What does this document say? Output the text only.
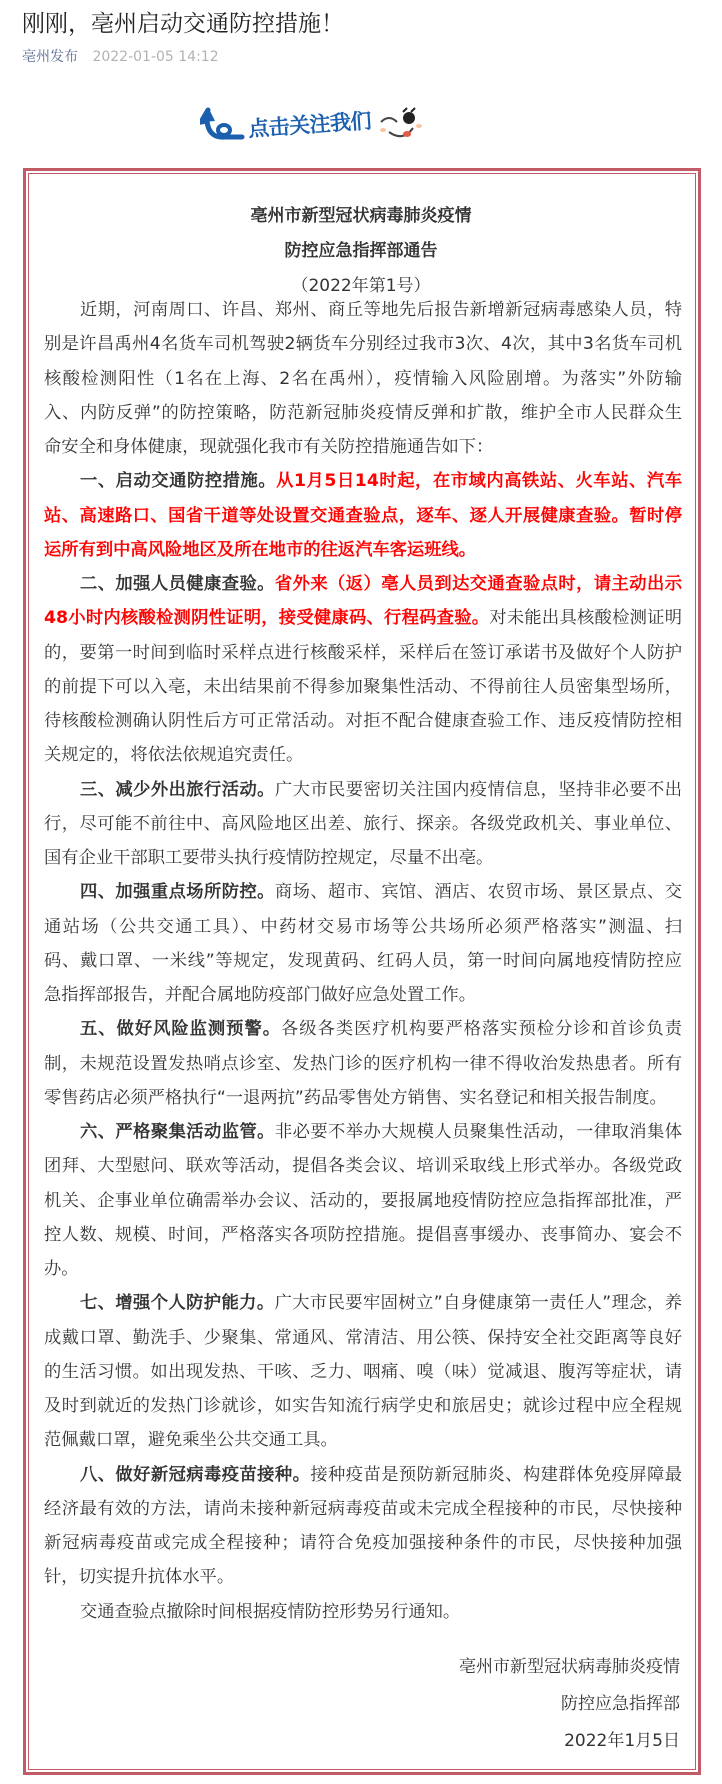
刚刚，亳州启动交通防控措施！
亳州发布 2022-01-05 14:12
点击关注我们
亳州市新型冠状病毒肺炎疫情
防控应急指挥部通告
（2022年第1号）
近期，河南周口、许昌、郑州、商丘等地先后报告新增新冠病毒感染人员，特
别是许昌禹州4名货车司机驾驶2辆货车分别经过我市3次、4次，其中3名货车司机
核酸检测阳性（1名在上海、2名在禹州），疫情输入风险剧增。为落实”外防输
入、内防反弹”的防控策略，防范新冠肺炎疫情反弹和扩散，维护全市人民群众生
命安全和身体健康，现就强化我市有关防控措施通告如下：
一、启动交通防控措施。从1月5日14时起，在市域内高铁站、火车站、汽车
站、高速路口、国省干道等处设置交通查验点，逐车、逐人开展健康查验。暂时停
运所有到中高风险地区及所在地市的往返汽车客运班线。
二、加强人员健康查验。省外来（返）亳人员到达交通查验点时，请主动出示
48小时内核酸检测阴性证明，接受健康码、行程码查验。对未能出具核酸检测证明
的，要第一时间到临时采样点进行核酸采样，采样后在签订承诺书及做好个人防护
的前提下可以入亳，未出结果前不得参加聚集性活动、不得前往人员密集型场所，
待核酸检测确认阴性后方可正常活动。对拒不配合健康查验工作、违反疫情防控相
关规定的，将依法依规追究责任。
三、减少外出旅行活动。广大市民要密切关注国内疫情信息，坚持非必要不出
行，尽可能不前往中、高风险地区出差、旅行、探亲。各级党政机关、事业单位、
国有企业干部职工要带头执行疫情防控规定，尽量不出亳。
四、加强重点场所防控。商场、超市、宾馆、酒店、农贸市场、景区景点、交
通站场（公共交通工具）、中药材交易市场等公共场所必须严格落实”测温、扫
码、戴口罩、一米线”等规定，发现黄码、红码人员，第一时间向属地疫情防控应
急指挥部报告，并配合属地防疫部门做好应急处置工作。
五、做好风险监测预警。各级各类医疗机构要严格落实预检分诊和首诊负责
制，未规范设置发热哨点诊室、发热门诊的医疗机构一律不得收治发热患者。所有
零售药店必须严格执行“一退两抗”药品零售处方销售、实名登记和相关报告制度。
六、严格聚集活动监管。非必要不举办大规模人员聚集性活动，一律取消集体
团拜、大型慰问、联欢等活动，提倡各类会议、培训采取线上形式举办。各级党政
机关、企事业单位确需举办会议、活动的，要报属地疫情防控应急指挥部批准，严
控人数、规模、时间，严格落实各项防控措施。提倡喜事缓办、丧事简办、宴会不
办。
七、增强个人防护能力。广大市民要牢固树立”自身健康第一责任人”理念，养
成戴口罩、勤洗手、少聚集、常通风、常清洁、用公筷、保持安全社交距离等良好
的生活习惯。如出现发热、干咳、乏力、咽痛、嗅（味）觉减退、腹泻等症状，请
及时到就近的发热门诊就诊，如实告知流行病学史和旅居史；就诊过程中应全程规
范佩戴口罩，避免乘坐公共交通工具。
八、做好新冠病毒疫苗接种。接种疫苗是预防新冠肺炎、构建群体免疫屏障最
经济最有效的方法，请尚未接种新冠病毒疫苗或未完成全程接种的市民，尽快接种
新冠病毒疫苗或完成全程接种；请符合免疫加强接种条件的市民，尽快接种加强
针，切实提升抗体水平。
交通查验点撤除时间根据疫情防控形势另行通知。
亳州市新型冠状病毒肺炎疫情
防控应急指挥部
2022年1月5日
